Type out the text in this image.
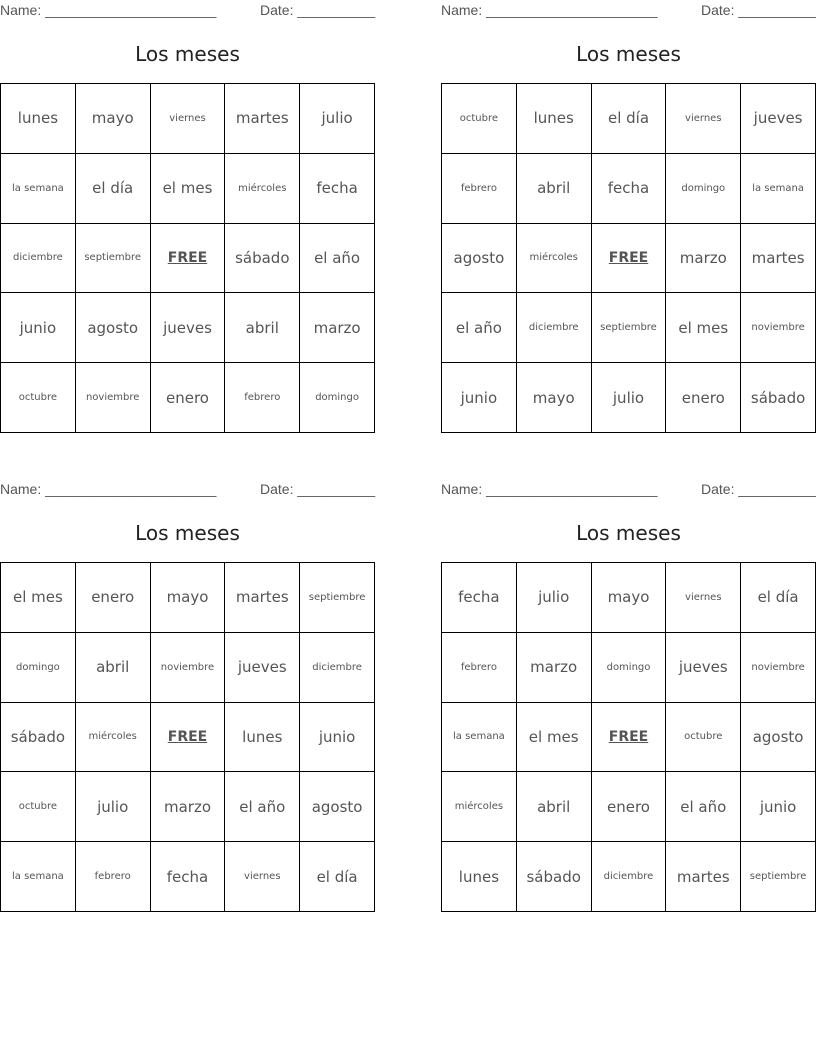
Name: ______________________	Date: __________
Los meses
lunes	mayo	viernes	martes	julio
la semana	el día	el mes	miércoles	fecha
diciembre	septiembre	FREE	sábado	el año
junio	agosto	jueves	abril	marzo
octubre	noviembre	enero	febrero	domingo
Name: ______________________	Date: __________
Los meses
octubre	lunes	el día	viernes	jueves
febrero	abril	fecha	domingo	la semana
agosto	miércoles	FREE	marzo	martes
el año	diciembre	septiembre	el mes	noviembre
junio	mayo	julio	enero	sábado
Name: ______________________	Date: __________
Los meses
el mes	enero	mayo	martes	septiembre
domingo	abril	noviembre	jueves	diciembre
sábado	miércoles	FREE	lunes	junio
octubre	julio	marzo	el año	agosto
la semana	febrero	fecha	viernes	el día
Name: ______________________	Date: __________
Los meses
fecha	julio	mayo	viernes	el día
febrero	marzo	domingo	jueves	noviembre
la semana	el mes	FREE	octubre	agosto
miércoles	abril	enero	el año	junio
lunes	sábado	diciembre	martes	septiembre
